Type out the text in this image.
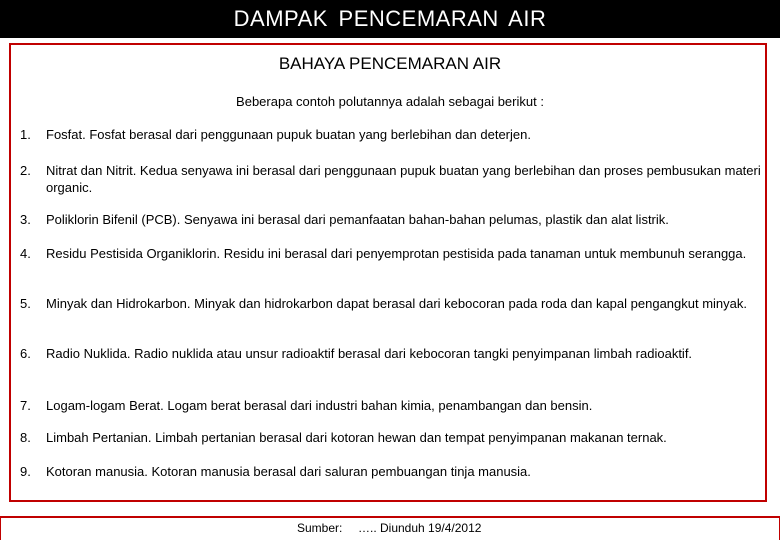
DAMPAK PENCEMARAN AIR
BAHAYA PENCEMARAN AIR
Beberapa contoh polutannya adalah sebagai berikut :
1.	Fosfat. Fosfat berasal dari penggunaan pupuk buatan yang berlebihan dan deterjen.
2.	Nitrat dan Nitrit. Kedua senyawa ini berasal dari penggunaan pupuk buatan yang berlebihan dan proses pembusukan materi organic.
3.	Poliklorin Bifenil (PCB). Senyawa ini berasal dari pemanfaatan bahan-bahan pelumas, plastik dan alat listrik.
4.	Residu Pestisida Organiklorin. Residu ini berasal dari penyemprotan pestisida pada tanaman untuk membunuh serangga.
5.	Minyak dan Hidrokarbon. Minyak dan hidrokarbon dapat berasal dari kebocoran pada roda dan kapal pengangkut minyak.
6.	Radio Nuklida. Radio nuklida atau unsur radioaktif berasal dari kebocoran tangki penyimpanan limbah radioaktif.
7.	Logam-logam Berat. Logam berat berasal dari industri bahan kimia, penambangan dan bensin.
8.	Limbah Pertanian. Limbah pertanian berasal dari kotoran hewan dan tempat penyimpanan makanan ternak.
9.	Kotoran manusia. Kotoran manusia berasal dari saluran pembuangan tinja manusia.
Sumber: ….. Diunduh 19/4/2012
